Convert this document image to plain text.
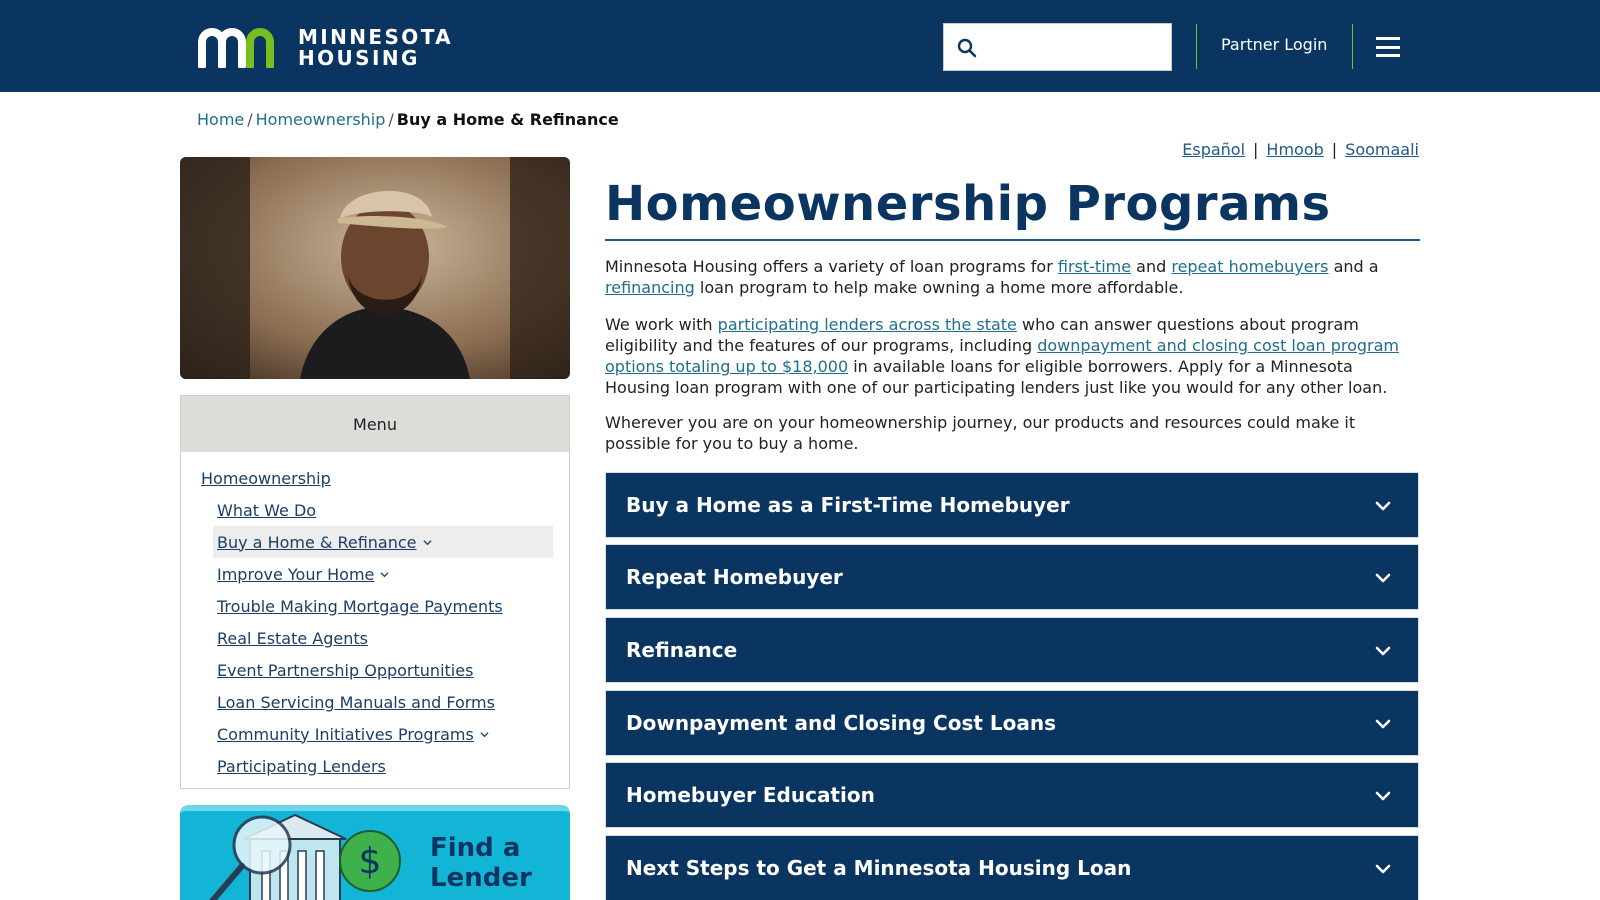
MINNESOTA
HOUSING
Partner Login
Home / Homeownership / Buy a Home & Refinance
Español | Hmoob | Soomaali
Menu
Homeownership
What We Do
Buy a Home & Refinance
Improve Your Home
Trouble Making Mortgage Payments
Real Estate Agents
Event Partnership Opportunities
Loan Servicing Manuals and Forms
Community Initiatives Programs
Participating Lenders
$ Find a
Lender
Homeownership Programs

Minnesota Housing offers a variety of loan programs for first-time and repeat homebuyers and a refinancing loan program to help make owning a home more affordable.

We work with participating lenders across the state who can answer questions about program eligibility and the features of our programs, including downpayment and closing cost loan program options totaling up to $18,000 in available loans for eligible borrowers. Apply for a Minnesota Housing loan program with one of our participating lenders just like you would for any other loan.

Wherever you are on your homeownership journey, our products and resources could make it possible for you to buy a home.

Buy a Home as a First-Time Homebuyer
Repeat Homebuyer
Refinance
Downpayment and Closing Cost Loans
Homebuyer Education
Next Steps to Get a Minnesota Housing Loan
